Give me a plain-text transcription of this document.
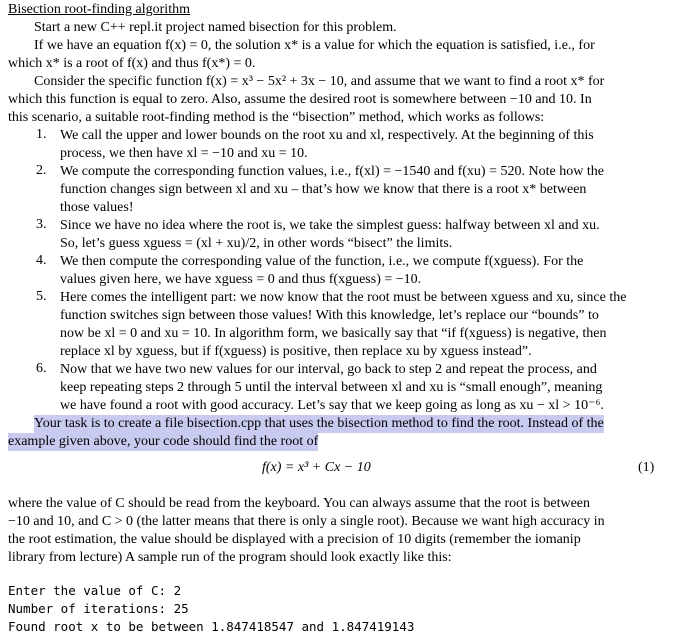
Bisection root-finding algorithm
Start a new C++ repl.it project named bisection for this problem.
If we have an equation f(x) = 0, the solution x* is a value for which the equation is satisfied, i.e., for
which x* is a root of f(x) and thus f(x*) = 0.
Consider the specific function f(x) = x³ − 5x² + 3x − 10, and assume that we want to find a root x* for
which this function is equal to zero. Also, assume the desired root is somewhere between −10 and 10. In
this scenario, a suitable root-finding method is the “bisection” method, which works as follows:
1. We call the upper and lower bounds on the root xu and xl, respectively. At the beginning of this
process, we then have xl = −10 and xu = 10.
2. We compute the corresponding function values, i.e., f(xl) = −1540 and f(xu) = 520. Note how the
function changes sign between xl and xu – that’s how we know that there is a root x* between
those values!
3. Since we have no idea where the root is, we take the simplest guess: halfway between xl and xu.
So, let’s guess xguess = (xl + xu)/2, in other words “bisect” the limits.
4. We then compute the corresponding value of the function, i.e., we compute f(xguess). For the
values given here, we have xguess = 0 and thus f(xguess) = −10.
5. Here comes the intelligent part: we now know that the root must be between xguess and xu, since the
function switches sign between those values! With this knowledge, let’s replace our “bounds” to
now be xl = 0 and xu = 10. In algorithm form, we basically say that “if f(xguess) is negative, then
replace xl by xguess, but if f(xguess) is positive, then replace xu by xguess instead”.
6. Now that we have two new values for our interval, go back to step 2 and repeat the process, and
keep repeating steps 2 through 5 until the interval between xl and xu is “small enough”, meaning
we have found a root with good accuracy. Let’s say that we keep going as long as xu − xl > 10⁻⁶.
Your task is to create a file bisection.cpp that uses the bisection method to find the root. Instead of the
example given above, your code should find the root of
f(x) = x³ + Cx − 10	(1)
where the value of C should be read from the keyboard. You can always assume that the root is between
−10 and 10, and C > 0 (the latter means that there is only a single root). Because we want high accuracy in
the root estimation, the value should be displayed with a precision of 10 digits (remember the iomanip
library from lecture) A sample run of the program should look exactly like this:
Enter the value of C: 2
Number of iterations: 25
Found root x to be between 1.847418547 and 1.847419143
